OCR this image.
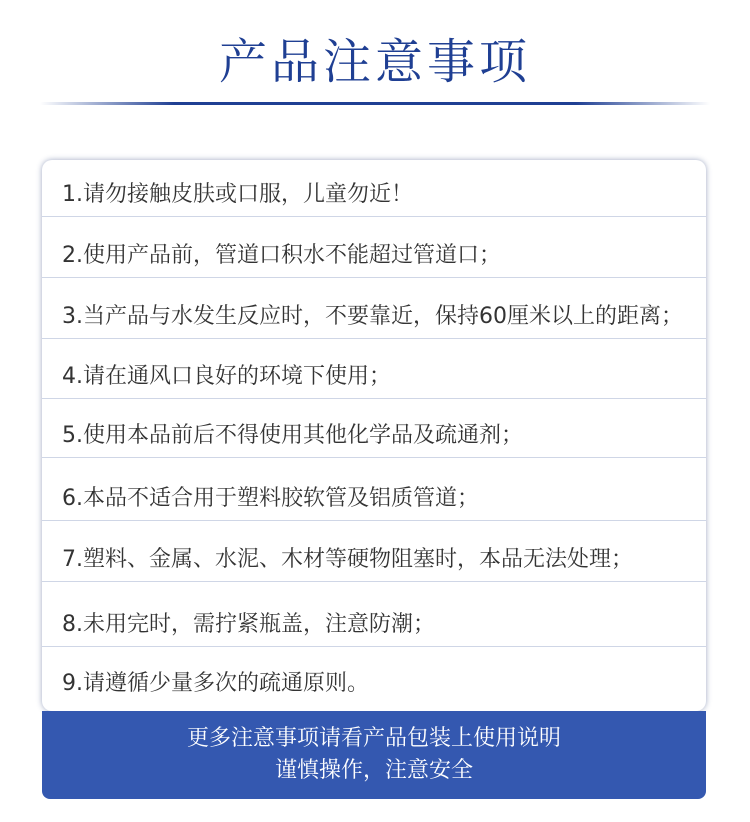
产品注意事项
1.请勿接触皮肤或口服，儿童勿近！
2.使用产品前，管道口积水不能超过管道口；
3.当产品与水发生反应时，不要靠近，保持60厘米以上的距离；
4.请在通风口良好的环境下使用；
5.使用本品前后不得使用其他化学品及疏通剂；
6.本品不适合用于塑料胶软管及铝质管道；
7.塑料、金属、水泥、木材等硬物阻塞时，本品无法处理；
8.未用完时，需拧紧瓶盖，注意防潮；
9.请遵循少量多次的疏通原则。
更多注意事项请看产品包装上使用说明
谨慎操作，注意安全
